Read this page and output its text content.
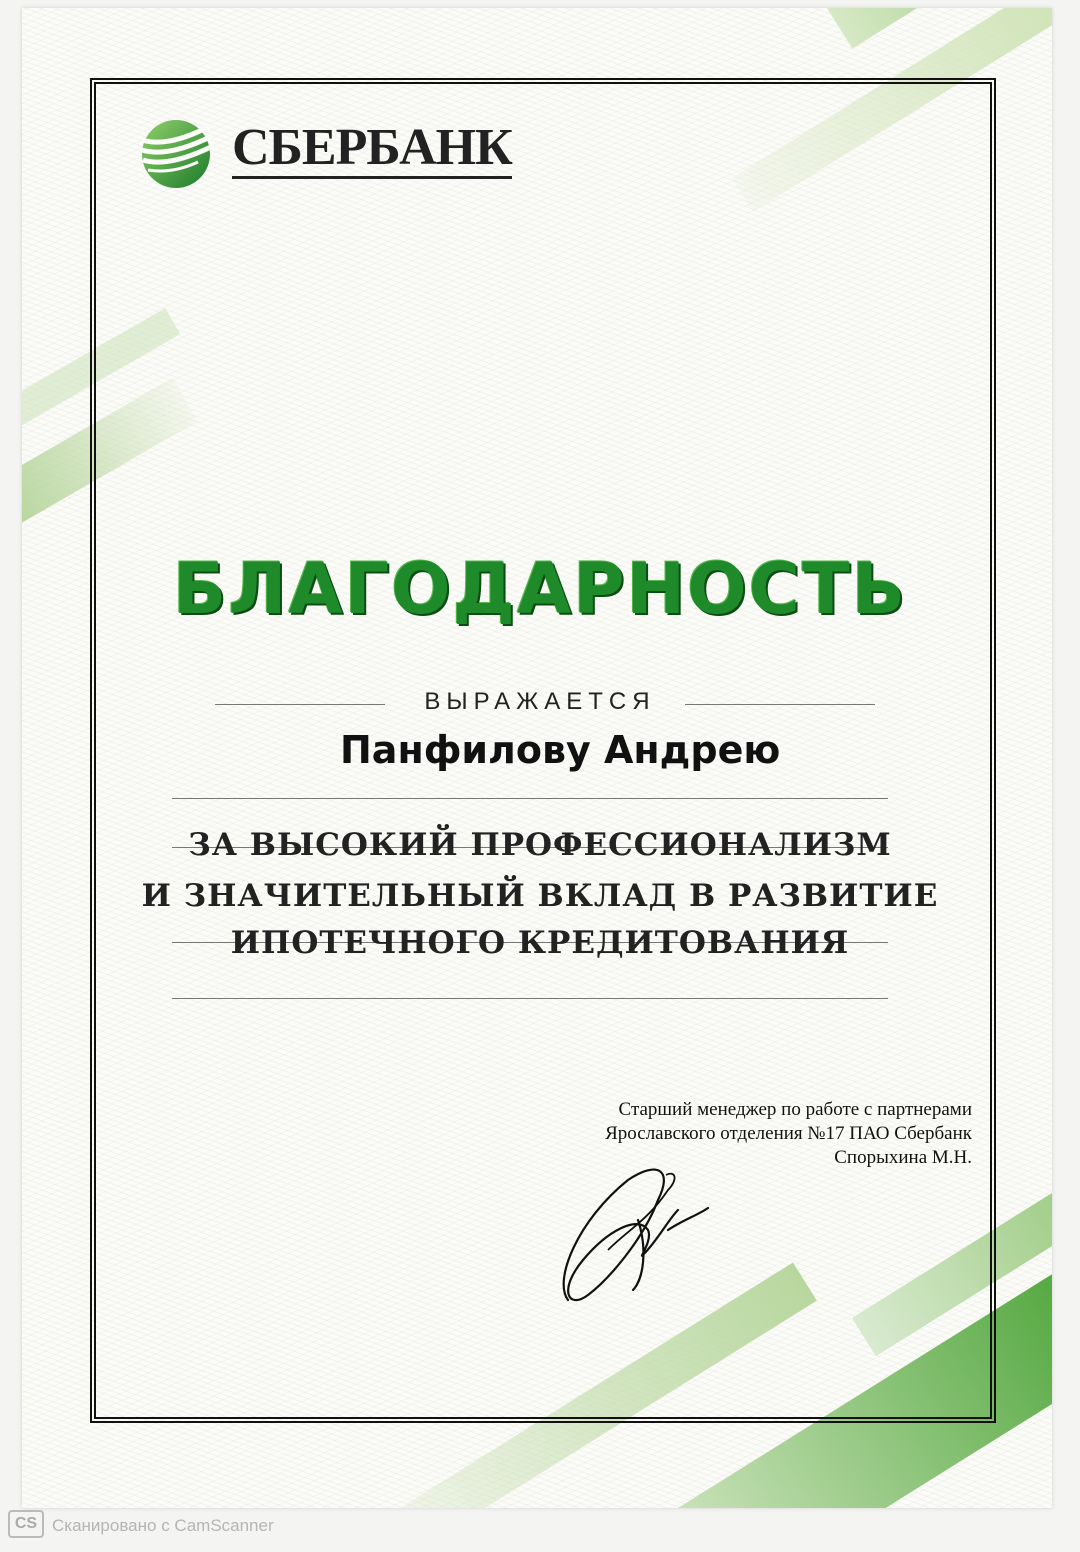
СБЕРБАНК
БЛАГОДАРНОСТЬ
ВЫРАЖАЕТСЯ
Панфилову Андрею
ЗА ВЫСОКИЙ ПРОФЕССИОНАЛИЗМ
И ЗНАЧИТЕЛЬНЫЙ ВКЛАД В РАЗВИТИЕ
ИПОТЕЧНОГО КРЕДИТОВАНИЯ
Старший менеджер по работе с партнерами
Ярославского отделения №17 ПАО Сбербанк
Спорыхина М.Н.
CS Сканировано с CamScanner
